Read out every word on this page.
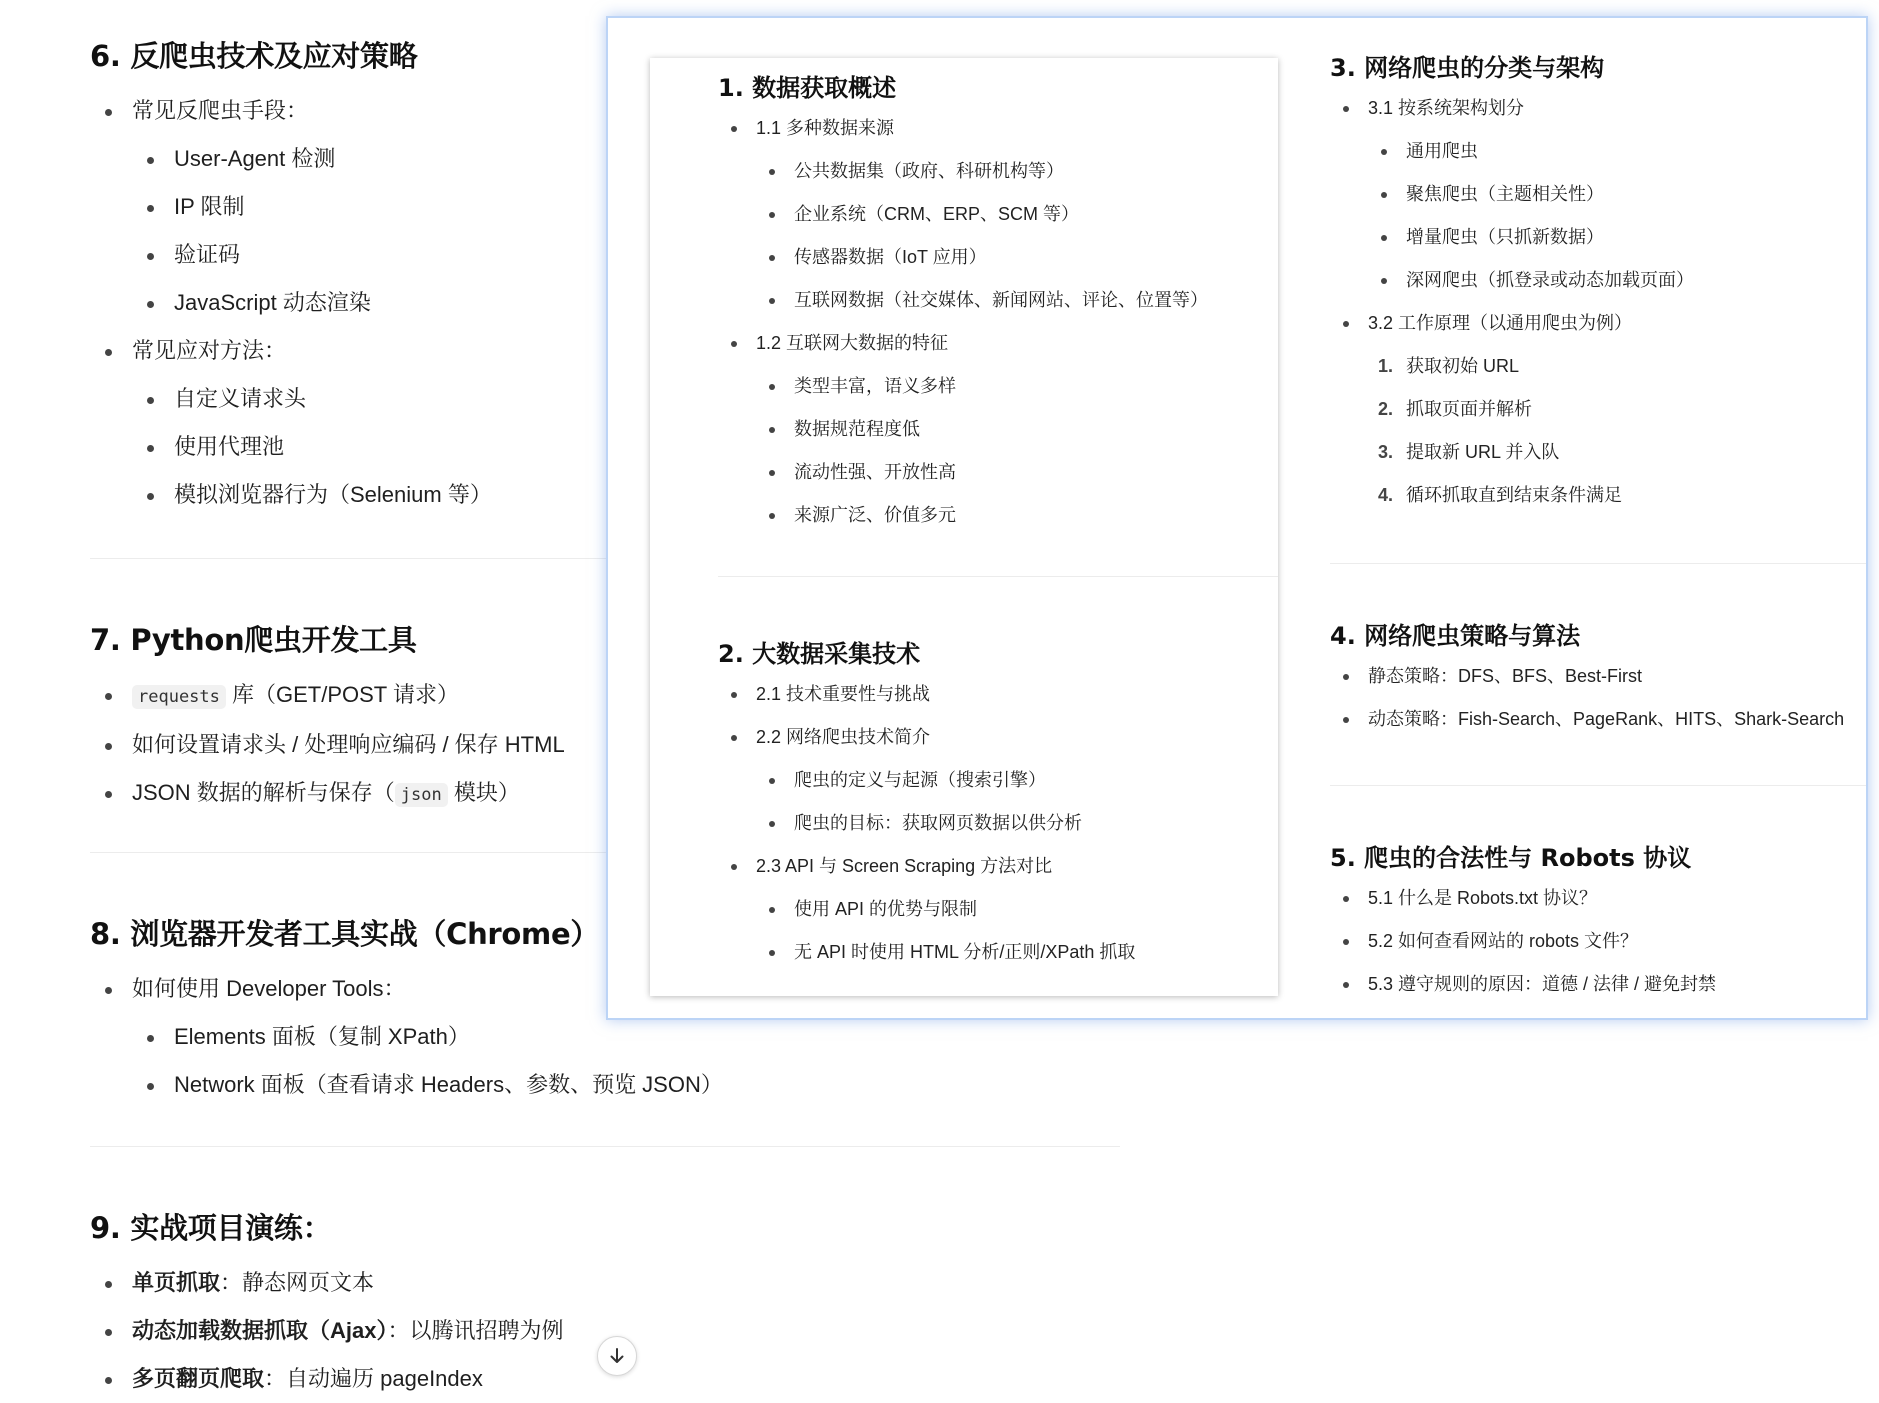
6. 反爬虫技术及应对策略
常见反爬虫手段：
User-Agent 检测
IP 限制
验证码
JavaScript 动态渲染
常见应对方法：
自定义请求头
使用代理池
模拟浏览器行为（Selenium 等）
7. Python爬虫开发工具
requests 库（GET/POST 请求）
如何设置请求头 / 处理响应编码 / 保存 HTML
JSON 数据的解析与保存（ json 模块）
8. 浏览器开发者工具实战（Chrome）
如何使用 Developer Tools：
Elements 面板（复制 XPath）
Network 面板（查看请求 Headers、参数、预览 JSON）
9. 实战项目演练：
单页抓取：静态网页文本
动态加载数据抓取（Ajax）：以腾讯招聘为例
多页翻页爬取：自动遍历 pageIndex
1. 数据获取概述
1.1 多种数据来源
公共数据集（政府、科研机构等）
企业系统（CRM、ERP、SCM 等）
传感器数据（IoT 应用）
互联网数据（社交媒体、新闻网站、评论、位置等）
1.2 互联网大数据的特征
类型丰富，语义多样
数据规范程度低
流动性强、开放性高
来源广泛、价值多元
2. 大数据采集技术
2.1 技术重要性与挑战
2.2 网络爬虫技术简介
爬虫的定义与起源（搜索引擎）
爬虫的目标：获取网页数据以供分析
2.3 API 与 Screen Scraping 方法对比
使用 API 的优势与限制
无 API 时使用 HTML 分析/正则/XPath 抓取
3. 网络爬虫的分类与架构
3.1 按系统架构划分
通用爬虫
聚焦爬虫（主题相关性）
增量爬虫（只抓新数据）
深网爬虫（抓登录或动态加载页面）
3.2 工作原理（以通用爬虫为例）
1. 获取初始 URL
2. 抓取页面并解析
3. 提取新 URL 并入队
4. 循环抓取直到结束条件满足
4. 网络爬虫策略与算法
静态策略：DFS、BFS、Best-First
动态策略：Fish-Search、PageRank、HITS、Shark-Search
5. 爬虫的合法性与 Robots 协议
5.1 什么是 Robots.txt 协议？
5.2 如何查看网站的 robots 文件？
5.3 遵守规则的原因：道德 / 法律 / 避免封禁
